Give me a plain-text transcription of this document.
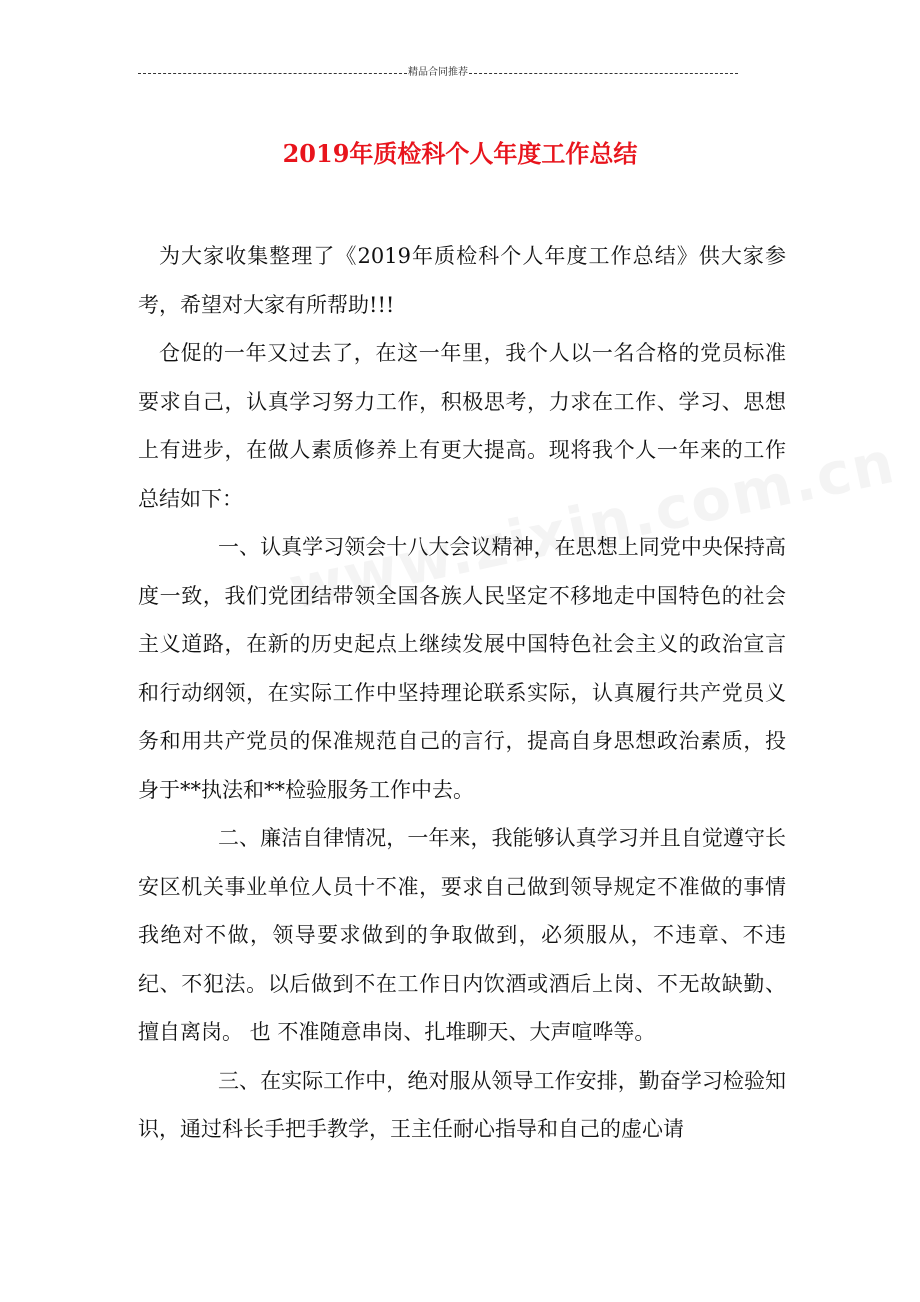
精品合同推荐
2019年质检科个人年度工作总结

为大家收集整理了《2019年质检科个人年度工作总结》供大家参考，希望对大家有所帮助!!!

仓促的一年又过去了，在这一年里，我个人以一名合格的党员标准要求自己，认真学习努力工作，积极思考，力求在工作、学习、思想上有进步，在做人素质修养上有更大提高。现将我个人一年来的工作总结如下：

一、认真学习领会十八大会议精神，在思想上同党中央保持高度一致，我们党团结带领全国各族人民坚定不移地走中国特色的社会主义道路，在新的历史起点上继续发展中国特色社会主义的政治宣言和行动纲领，在实际工作中坚持理论联系实际，认真履行共产党员义务和用共产党员的保准规范自己的言行，提高自身思想政治素质，投身于**执法和**检验服务工作中去。

二、廉洁自律情况，一年来，我能够认真学习并且自觉遵守长安区机关事业单位人员十不准，要求自己做到领导规定不准做的事情我绝对不做，领导要求做到的争取做到，必须服从，不违章、不违纪、不犯法。以后做到不在工作日内饮酒或酒后上岗、不无故缺勤、擅自离岗。 也 不准随意串岗、扎堆聊天、大声喧哗等。

三、在实际工作中，绝对服从领导工作安排，勤奋学习检验知识，通过科长手把手教学，王主任耐心指导和自己的虚心请
